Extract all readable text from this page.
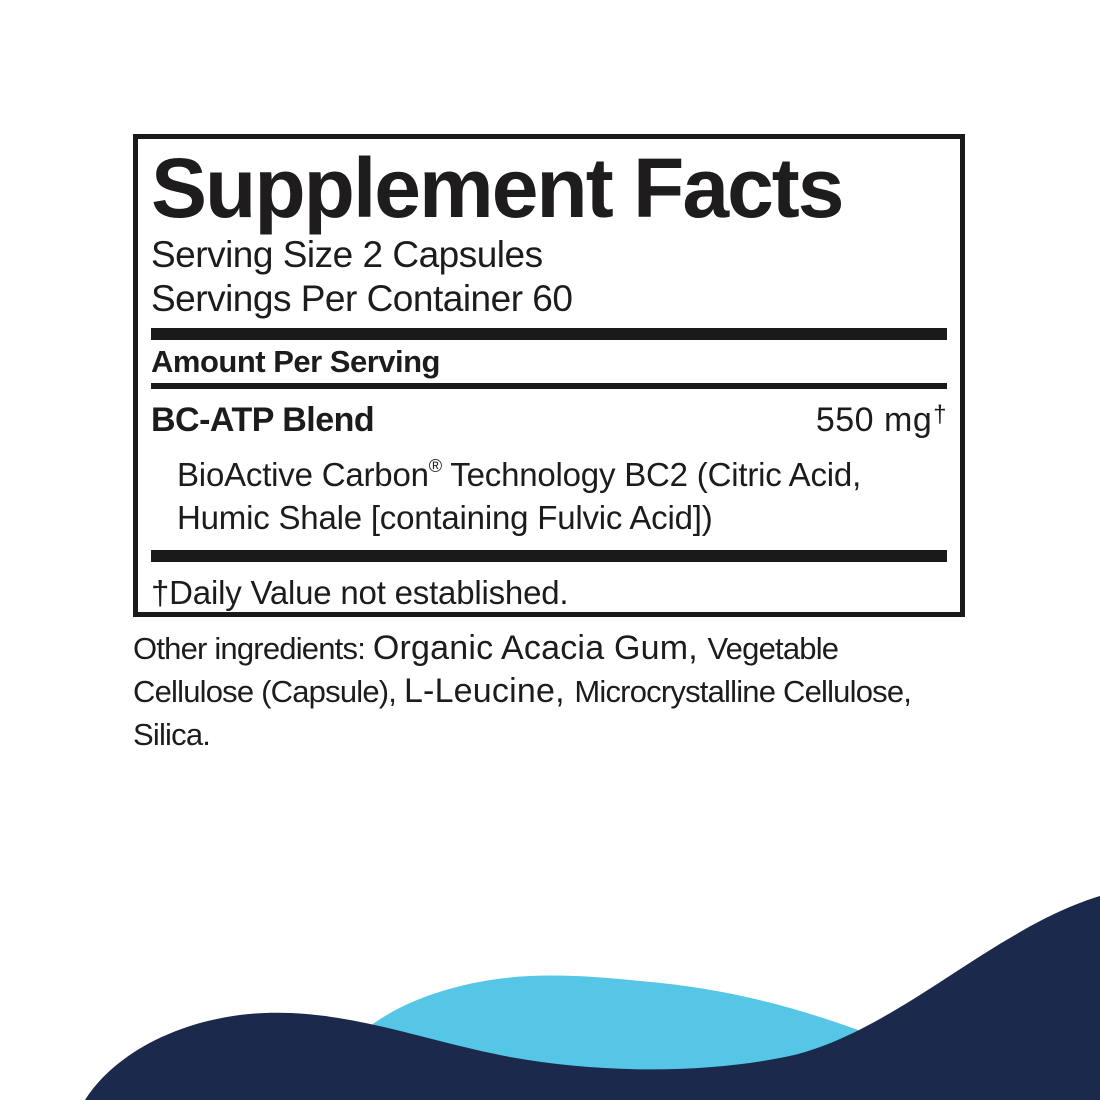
Supplement Facts

Serving Size 2 Capsules

Servings Per Container 60

Amount Per Serving

BC-ATP Blend	550 mg†

BioActive Carbon® Technology BC2 (Citric Acid, Humic Shale [containing Fulvic Acid])

†Daily Value not established.

Other ingredients: Organic Acacia Gum, Vegetable Cellulose (Capsule), L-Leucine, Microcrystalline Cellulose, Silica.
